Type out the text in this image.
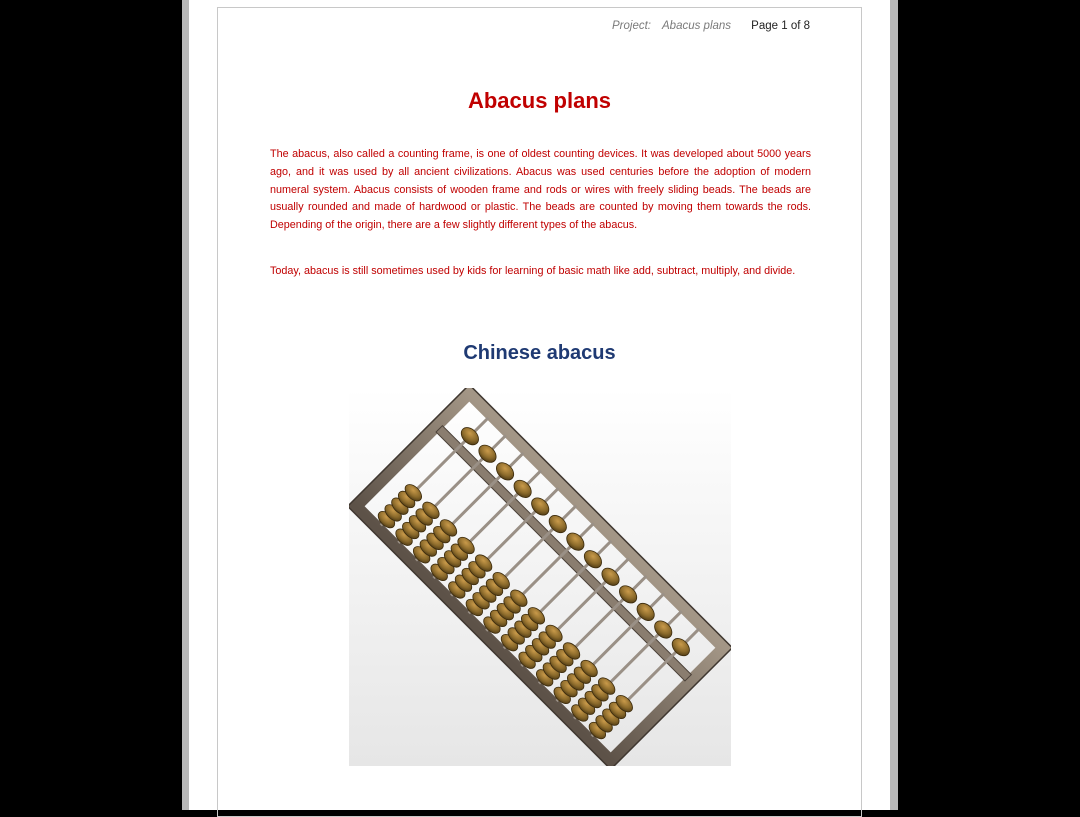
Project: Abacus plans Page 1 of 8
Abacus plans

The abacus, also called a counting frame, is one of oldest counting devices. It was developed about 5000 years ago, and it was used by all ancient civilizations. Abacus was used centuries before the adoption of modern numeral system. Abacus consists of wooden frame and rods or wires with freely sliding beads. The beads are usually rounded and made of hardwood or plastic. The beads are counted by moving them towards the rods. Depending of the origin, there are a few slightly different types of the abacus.

Today, abacus is still sometimes used by kids for learning of basic math like add, subtract, multiply, and divide.

Chinese abacus
